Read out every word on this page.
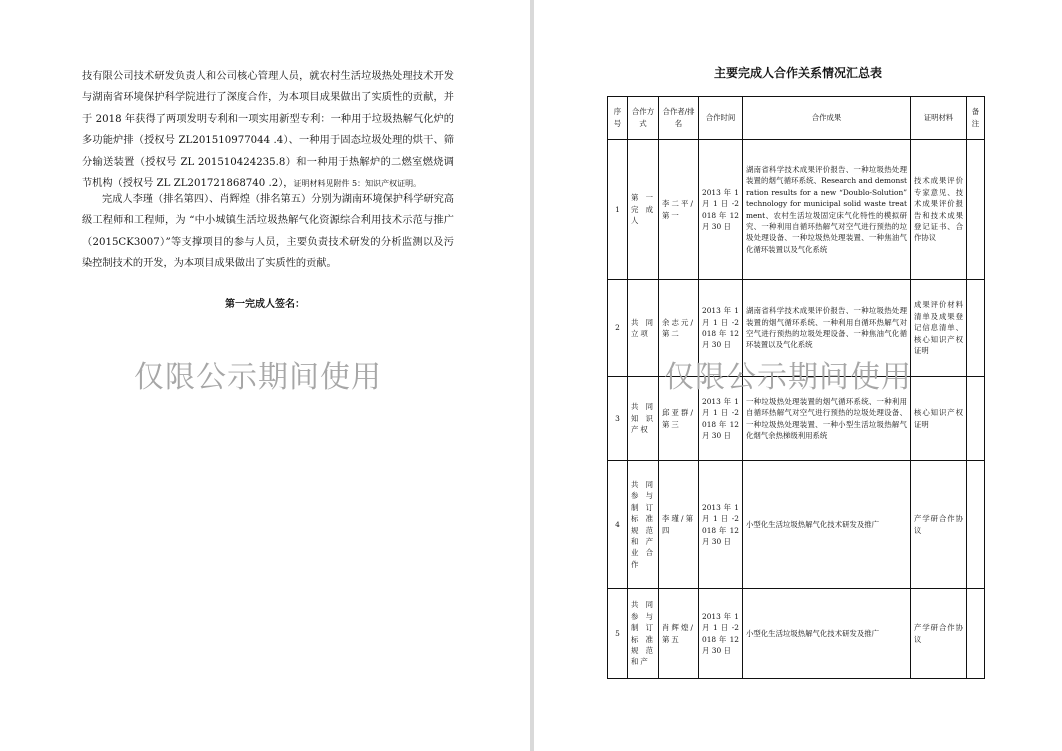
技有限公司技术研发负责人和公司核心管理人员，就农村生活垃圾热处理技术开发与湖南省环境保护科学院进行了深度合作，为本项目成果做出了实质性的贡献，并于 2018 年获得了两项发明专利和一项实用新型专利：一种用于垃圾热解气化炉的多功能炉排（授权号 ZL201510977044 .4）、一种用于固态垃圾处理的烘干、筛分输送装置（授权号 ZL 201510424235.8）和一种用于热解炉的二燃室燃烧调节机构（授权号 ZL ZL201721868740 .2），证明材料见附件 5：知识产权证明。

完成人李瑾（排名第四）、肖辉煌（排名第五）分别为湖南环境保护科学研究高级工程师和工程师，为 “中小城镇生活垃圾热解气化资源综合利用技术示范与推广（2015CK3007）”等支撑项目的参与人员，主要负责技术研发的分析监测以及污染控制技术的开发，为本项目成果做出了实质性的贡献。

第一完成人签名：

仅限公示期间使用

主要完成人合作关系情况汇总表

序号	合作方式	合作者/排名	合作时间	合作成果	证明材料	备注
1	第一完成人	李二平/第一	2013 年 1 月 1 日 -2018 年 12 月 30 日	湖南省科学技术成果评价报告、一种垃圾热处理装置的烟气循环系统、Research and demonstration results for a new “Doublo-Solution” technology for municipal solid waste treatment、农村生活垃圾固定床气化特性的模拟研究、一种利用自循环热解气对空气进行预热的垃圾处理设备、一种垃圾热处理装置、一种焦油气化循环装置以及气化系统	技术成果评价专家意见、技术成果评价报告和技术成果登记证书、合作协议	
2	共同立项	余志元/第二	2013 年 1 月 1 日 -2018 年 12 月 30 日	湖南省科学技术成果评价报告、一种垃圾热处理装置的烟气循环系统、一种利用自循环热解气对空气进行预热的垃圾处理设备、一种焦油气化循环装置以及气化系统	成果评价材料清单及成果登记信息清单、核心知识产权证明	
3	共同知识产权	邱亚群/第三	2013 年 1 月 1 日 -2018 年 12 月 30 日	一种垃圾热处理装置的烟气循环系统、一种利用自循环热解气对空气进行预热的垃圾处理设备、一种垃圾热处理装置、一种小型生活垃圾热解气化烟气余热梯级利用系统	核心知识产权证明	
4	共同参与制订标准规范和产业合作	李瑾/第四	2013 年 1 月 1 日 -2018 年 12 月 30 日	小型化生活垃圾热解气化技术研发及推广	产学研合作协议	
5	共同参与制订标准规范和产	肖辉煌/第五	2013 年 1 月 1 日 -2018 年 12 月 30 日	小型化生活垃圾热解气化技术研发及推广	产学研合作协议	
仅限公示期间使用
